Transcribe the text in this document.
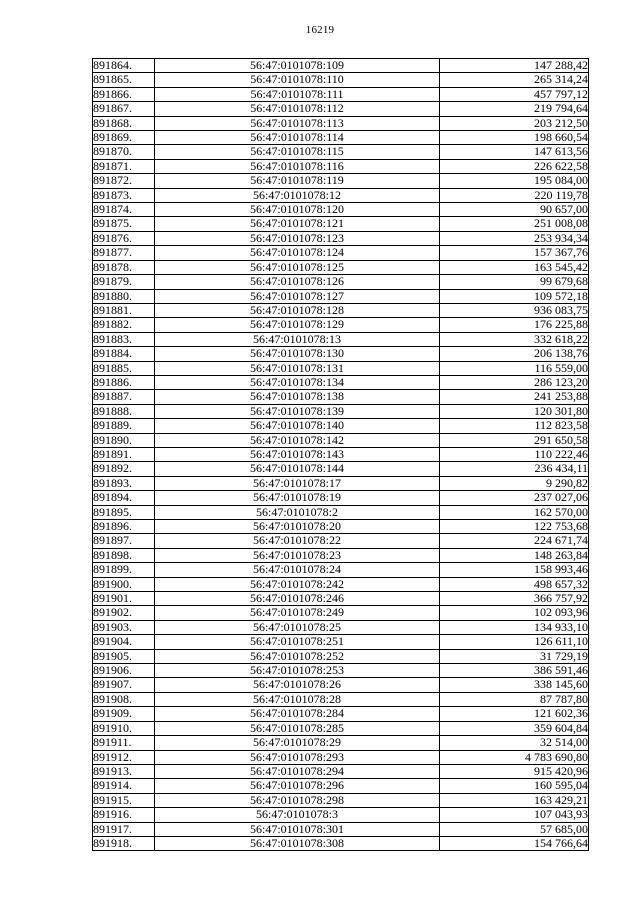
16219
891864.	56:47:0101078:109	147 288,42
891865.	56:47:0101078:110	265 314,24
891866.	56:47:0101078:111	457 797,12
891867.	56:47:0101078:112	219 794,64
891868.	56:47:0101078:113	203 212,50
891869.	56:47:0101078:114	198 660,54
891870.	56:47:0101078:115	147 613,56
891871.	56:47:0101078:116	226 622,58
891872.	56:47:0101078:119	195 084,00
891873.	56:47:0101078:12	220 119,78
891874.	56:47:0101078:120	90 657,00
891875.	56:47:0101078:121	251 008,08
891876.	56:47:0101078:123	253 934,34
891877.	56:47:0101078:124	157 367,76
891878.	56:47:0101078:125	163 545,42
891879.	56:47:0101078:126	99 679,68
891880.	56:47:0101078:127	109 572,18
891881.	56:47:0101078:128	936 083,75
891882.	56:47:0101078:129	176 225,88
891883.	56:47:0101078:13	332 618,22
891884.	56:47:0101078:130	206 138,76
891885.	56:47:0101078:131	116 559,00
891886.	56:47:0101078:134	286 123,20
891887.	56:47:0101078:138	241 253,88
891888.	56:47:0101078:139	120 301,80
891889.	56:47:0101078:140	112 823,58
891890.	56:47:0101078:142	291 650,58
891891.	56:47:0101078:143	110 222,46
891892.	56:47:0101078:144	236 434,11
891893.	56:47:0101078:17	9 290,82
891894.	56:47:0101078:19	237 027,06
891895.	56:47:0101078:2	162 570,00
891896.	56:47:0101078:20	122 753,68
891897.	56:47:0101078:22	224 671,74
891898.	56:47:0101078:23	148 263,84
891899.	56:47:0101078:24	158 993,46
891900.	56:47:0101078:242	498 657,32
891901.	56:47:0101078:246	366 757,92
891902.	56:47:0101078:249	102 093,96
891903.	56:47:0101078:25	134 933,10
891904.	56:47:0101078:251	126 611,10
891905.	56:47:0101078:252	31 729,19
891906.	56:47:0101078:253	386 591,46
891907.	56:47:0101078:26	338 145,60
891908.	56:47:0101078:28	87 787,80
891909.	56:47:0101078:284	121 602,36
891910.	56:47:0101078:285	359 604,84
891911.	56:47:0101078:29	32 514,00
891912.	56:47:0101078:293	4 783 690,80
891913.	56:47:0101078:294	915 420,96
891914.	56:47:0101078:296	160 595,04
891915.	56:47:0101078:298	163 429,21
891916.	56:47:0101078:3	107 043,93
891917.	56:47:0101078:301	57 685,00
891918.	56:47:0101078:308	154 766,64
